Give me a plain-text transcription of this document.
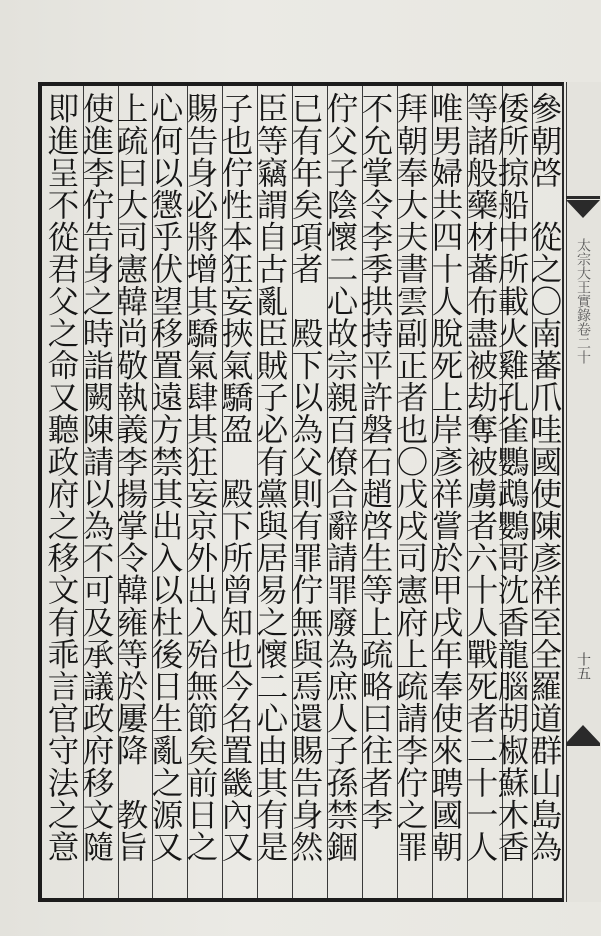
即進呈不從君父之命又聽政府之移文有乖言官守法之意 使進李佇告身之時詣闕陳請以為不可及承議政府移文隨
上疏曰大司憲韓尚敬執義李揚掌令韓雍等於屢降　教旨 心何以懲乎伏望移置遠方禁其出入以杜後日生亂之源又 賜告身必將增其驕氣肆其狂妄京外出入殆無節矣前日之 子也佇性本狂妄挾氣驕盈　殿下所曾知也今名置畿內又 臣等竊謂自古亂臣賊子必有黨與居易之懷二心由其有是 已有年矣項者　殿下以為父則有罪佇無與焉還賜告身然 佇父子陰懷二心故宗親百僚合辭請罪廢為庶人子孫禁錮 不允掌令李季拱持平許磐石趙啓生等上疏略曰往者李 拜朝奉大夫書雲副正者也〇戊戌司憲府上疏請李佇之罪 唯男婦共四十人脫死上岸彥祥嘗於甲戌年奉使來聘國朝 等諸般藥材蕃布盡被劫奪被虜者六十人戰死者二十一人
倭所掠船中所載火雞孔雀鸚鵡鸚哥沈香龍腦胡椒蘇木香
參朝啓　從之〇南蕃爪哇國使陳彥祥至全羅道群山島為 太宗大王實錄卷二十
十五
